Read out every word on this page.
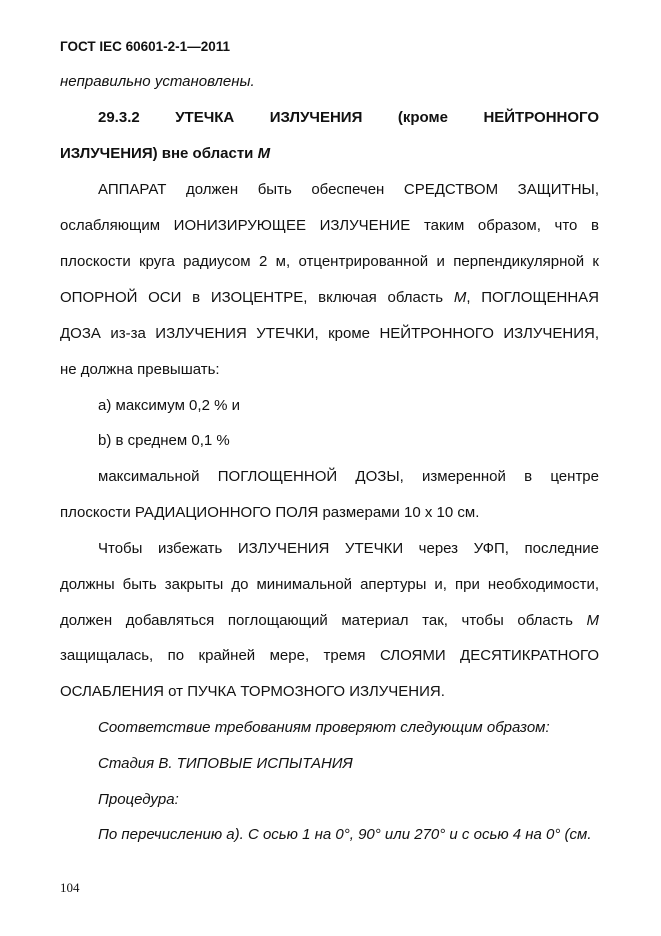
ГОСТ IEC 60601-2-1—2011
неправильно установлены.
29.3.2 УТЕЧКА ИЗЛУЧЕНИЯ (кроме НЕЙТРОННОГО
ИЗЛУЧЕНИЯ) вне области М
АППАРАТ должен быть обеспечен СРЕДСТВОМ ЗАЩИТНЫ,
ослабляющим ИОНИЗИРУЮЩЕЕ ИЗЛУЧЕНИЕ таким образом, что в
плоскости круга радиусом 2 м, отцентрированной и перпендикулярной к
ОПОРНОЙ ОСИ в ИЗОЦЕНТРЕ, включая область М, ПОГЛОЩЕННАЯ
ДОЗА из-за ИЗЛУЧЕНИЯ УТЕЧКИ, кроме НЕЙТРОННОГО ИЗЛУЧЕНИЯ,
не должна превышать:
а) максимум 0,2 % и
b) в среднем 0,1 %
максимальной ПОГЛОЩЕННОЙ ДОЗЫ, измеренной в центре
плоскости РАДИАЦИОННОГО ПОЛЯ размерами 10 х 10 см.
Чтобы избежать ИЗЛУЧЕНИЯ УТЕЧКИ через УФП, последние
должны быть закрыты до минимальной апертуры и, при необходимости,
должен добавляться поглощающий материал так, чтобы область М
защищалась, по крайней мере, тремя СЛОЯМИ ДЕСЯТИКРАТНОГО
ОСЛАБЛЕНИЯ от ПУЧКА ТОРМОЗНОГО ИЗЛУЧЕНИЯ.
Соответствие требованиям проверяют следующим образом:
Стадия В. ТИПОВЫЕ ИСПЫТАНИЯ
Процедура:
По перечислению а). С осью 1 на 0°, 90° или 270° и с осью 4 на 0° (см.
104
